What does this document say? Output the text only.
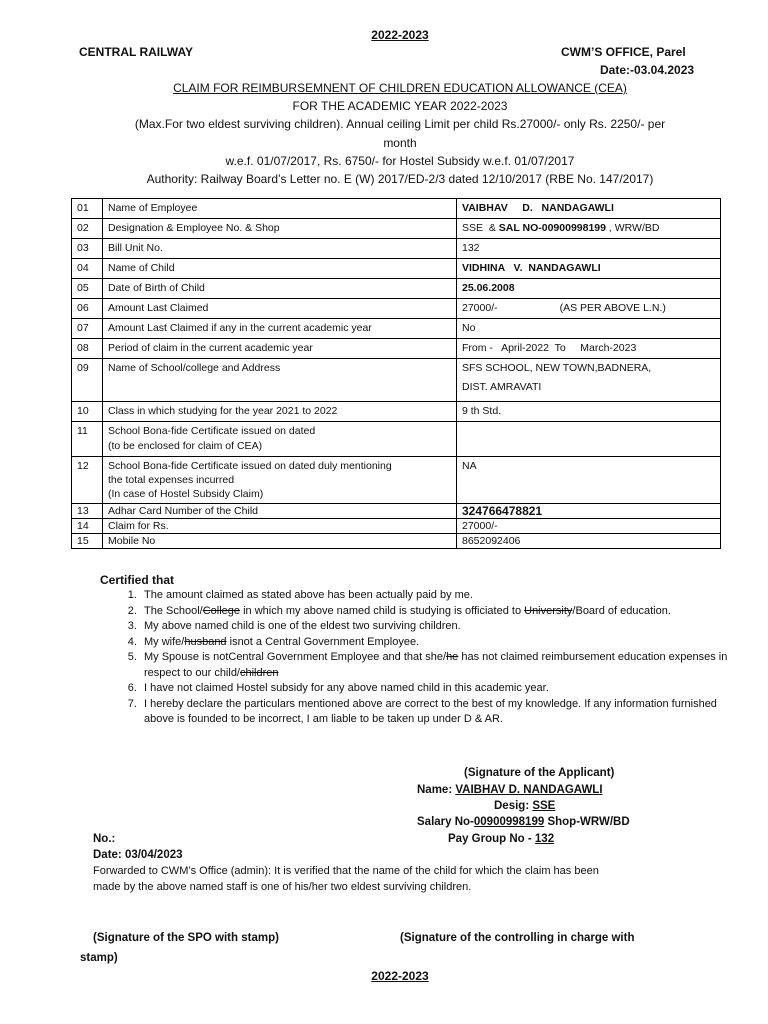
2022-2023
CENTRAL RAILWAY	CWM’S OFFICE, Parel
Date:-03.04.2023
CLAIM FOR REIMBURSEMNENT OF CHILDREN EDUCATION ALLOWANCE (CEA)
FOR THE ACADEMIC YEAR 2022-2023
(Max.For two eldest surviving children). Annual ceiling Limit per child Rs.27000/- only Rs. 2250/- per
month
w.e.f. 01/07/2017, Rs. 6750/- for Hostel Subsidy w.e.f. 01/07/2017
Authority: Railway Board’s Letter no. E (W) 2017/ED-2/3 dated 12/10/2017 (RBE No. 147/2017)
01	Name of Employee	VAIBHAV     D.   NANDAGAWLI
02	Designation & Employee No. & Shop	SSE  & SAL NO-00900998199 , WRW/BD
03	Bill Unit No.	132
04	Name of Child	VIDHINA   V.  NANDAGAWLI
05	Date of Birth of Child	25.06.2008
06	Amount Last Claimed	27000/- (AS PER ABOVE L.N.)
07	Amount Last Claimed if any in the current academic year	No
08	Period of claim in the current academic year	From -   April-2022  To     March-2023
09	Name of School/college and Address	SFS SCHOOL, NEW TOWN,BADNERA,
DIST. AMRAVATI

10	Class in which studying for the year 2021 to 2022	9 th Std.
11	School Bona-fide Certificate issued on dated
(to be enclosed for claim of CEA)	

12	School Bona-fide Certificate issued on dated duly mentioning
the total expenses incurred
(In case of Hostel Subsidy Claim)	NA
13	Adhar Card Number of the Child	324766478821
14	Claim for Rs.	27000/-
15	Mobile No	8652092406
Certified that
1. The amount claimed as stated above has been actually paid by me.
2. The School/College in which my above named child is studying is officiated to University/Board of education.
3. My above named child is one of the eldest two surviving children.
4. My wife/husband isnot a Central Government Employee.
5. My Spouse is notCentral Government Employee and that she/he has not claimed reimbursement education expenses in respect to our child/children
6. I have not claimed Hostel subsidy for any above named child in this academic year.
7. I hereby declare the particulars mentioned above are correct to the best of my knowledge. If any information furnished above is founded to be incorrect, I am liable to be taken up under D & AR.
(Signature of the Applicant)
Name: VAIBHAV D. NANDAGAWLI
Desig: SSE
Salary No-00900998199 Shop-WRW/BD
Pay Group No - 132
No.:
Date: 03/04/2023
Forwarded to CWM’s Office (admin): It is verified that the name of the child for which the claim has been
made by the above named staff is one of his/her two eldest surviving children.
(Signature of the SPO with stamp)	(Signature of the controlling in charge with
stamp)
2022-2023
